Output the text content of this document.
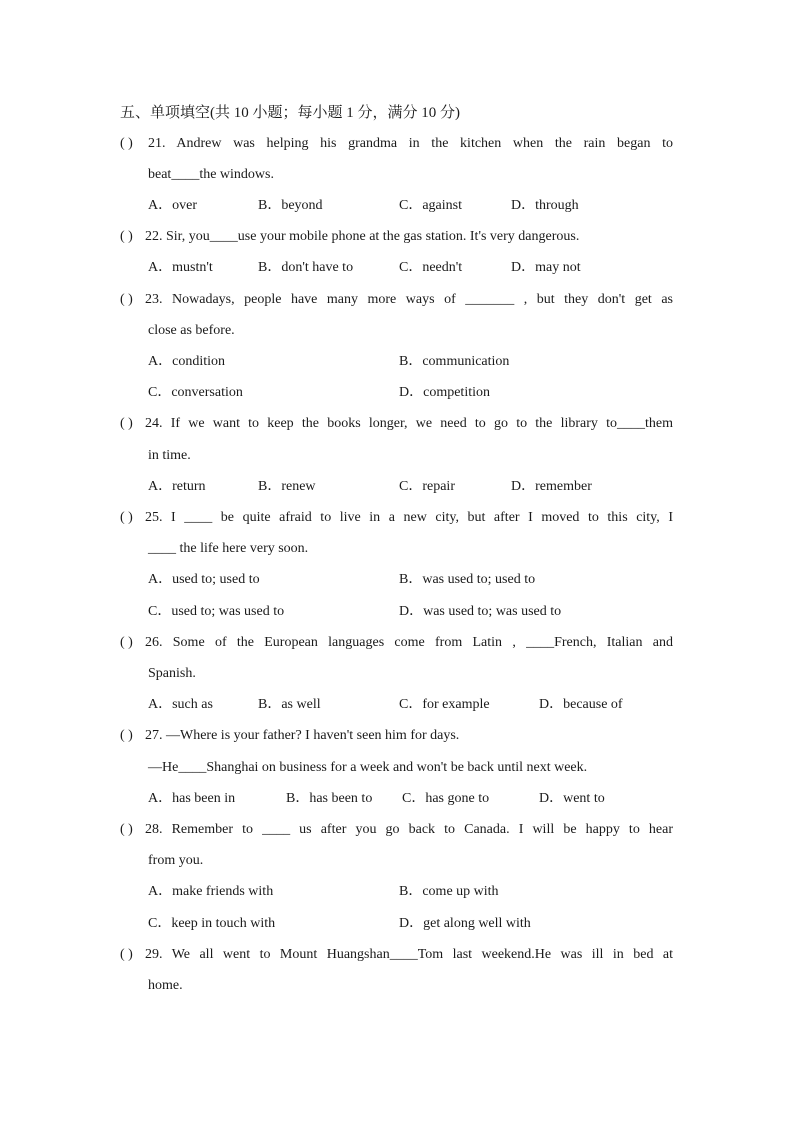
五、单项填空(共 10 小题；每小题 1 分，满分 10 分)
( ) 21. Andrew was helping his grandma in the kitchen when the rain began to
beat____the windows.
A．over	B．beyond	C．against	D．through
( ) 22. Sir, you____use your mobile phone at the gas station. It's very dangerous.
A．mustn't	B．don't have to	C．needn't	D．may not
( ) 23. Nowadays, people have many more ways of _______ , but they don't get as
close as before.
A．condition	B．communication
C．conversation	D．competition
( ) 24. If we want to keep the books longer, we need to go to the library to____them
in time.
A．return	B．renew	C．repair	D．remember
( ) 25. I ____ be quite afraid to live in a new city, but after I moved to this city, I
____ the life here very soon.
A．used to; used to	B．was used to; used to
C．used to; was used to	D．was used to; was used to
( ) 26. Some of the European languages come from Latin , ____French, Italian and
Spanish.
A．such as	B．as well	C．for example	D．because of
( ) 27. —Where is your father? I haven't seen him for days.
—He____Shanghai on business for a week and won't be back until next week.
A．has been in	B．has been to C．has gone to	D．went to
( ) 28. Remember to ____ us after you go back to Canada. I will be happy to hear
from you.
A．make friends with	B．come up with
C．keep in touch with	D．get along well with
( ) 29. We all went to Mount Huangshan____Tom last weekend.He was ill in bed at
home.
